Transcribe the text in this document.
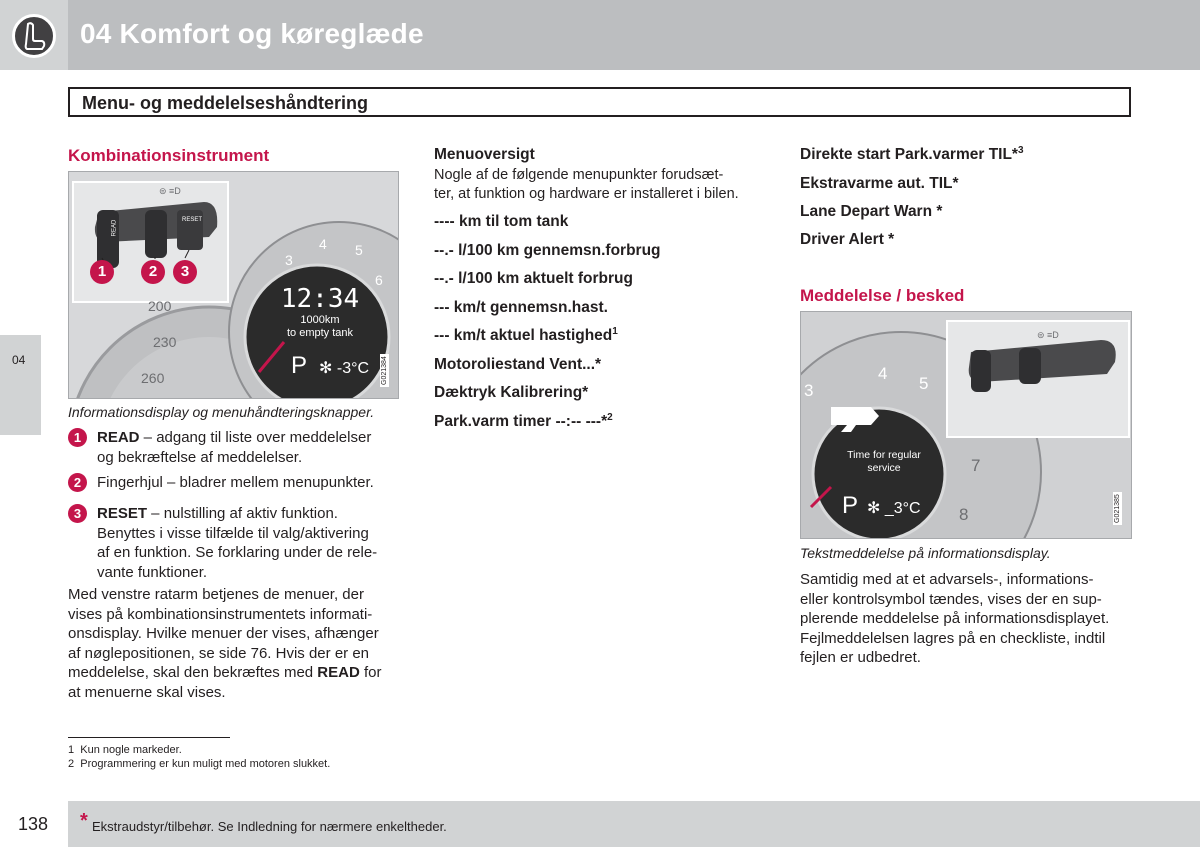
04 Komfort og køreglæde
Menu- og meddelelseshåndtering
04
Kombinationsinstrument
⊜ ≡D
READ	RESET
1	2	3
200
230
260
3
4 5
6
12:34
1000km
to empty tank
P ✻ -3°C G021384
Informationsdisplay og menuhåndteringsknapper.
1	READ – adgang til liste over meddelelser
og bekræftelse af meddelelser.
2	Fingerhjul – bladrer mellem menupunkter.
3	RESET – nulstilling af aktiv funktion.
Benyttes i visse tilfælde til valg/aktivering
af en funktion. Se forklaring under de rele-
vante funktioner.
Med venstre ratarm betjenes de menuer, der
vises på kombinationsinstrumentets informati-
onsdisplay. Hvilke menuer der vises, afhænger
af nøglepositionen, se side 76. Hvis der er en
meddelelse, skal den bekræftes med READ for
at menuerne skal vises.
Menuoversigt
Nogle af de følgende menupunkter forudsæt-
ter, at funktion og hardware er installeret i bilen.
---- km til tom tank
--.- l/100 km gennemsn.forbrug
--.- l/100 km aktuelt forbrug
--- km/t gennemsn.hast.
--- km/t aktuel hastighed$^1$
Motoroliestand Vent...*
Dæktryk Kalibrering*
Park.varm timer --:-- ---*$^2$
Direkte start Park.varmer TIL*$^3$
Ekstravarme aut. TIL*
Lane Depart Warn *
Driver Alert *
Meddelelse / besked
⊜ ≡D
3
4
5
7
8
Time for regular
service
P ✻ _3°C	G021385
Tekstmeddelelse på informationsdisplay.
Samtidig med at et advarsels-, informations-
eller kontrolsymbol tændes, vises der en sup-
plerende meddelelse på informationsdisplayet.
Fejlmeddelelsen lagres på en checkliste, indtil
fejlen er udbedret.
1 Kun nogle markeder.
2 Programmering er kun muligt med motoren slukket.
138 * Ekstraudstyr/tilbehør. Se Indledning for nærmere enkeltheder.
